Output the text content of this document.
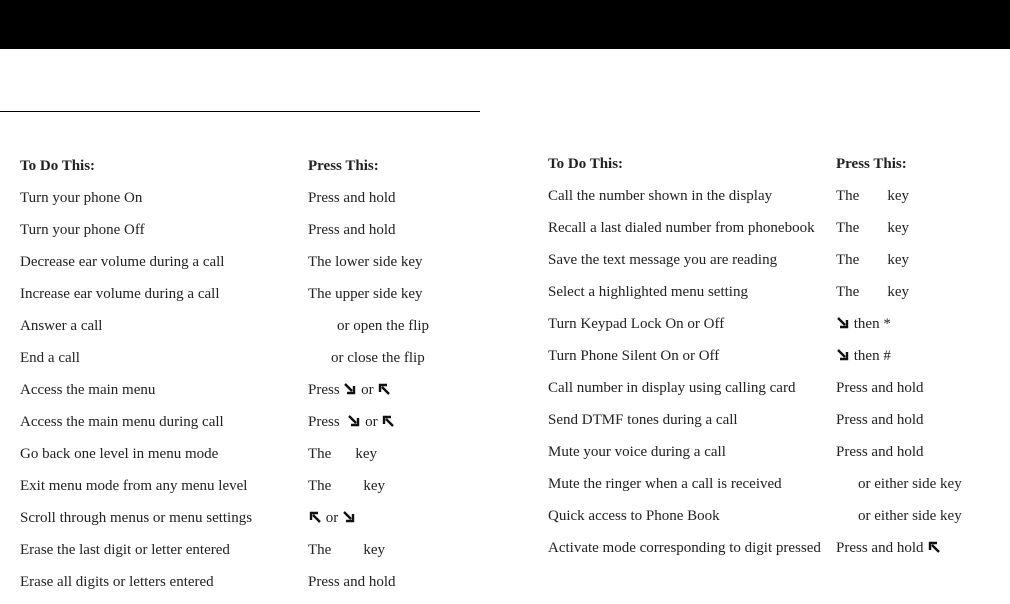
To Do This:	Press This:
Turn your phone On	Press and hold
Turn your phone Off	Press and hold
Decrease ear volume during a call	The lower side key
Increase ear volume during a call	The upper side key
Answer a call	or open the flip
End a call	or close the flip
Access the main menu	Press or
Access the main menu during call	Press or
Go back one level in menu mode	The key
Exit menu mode from any menu level	The key
Scroll through menus or menu settings	or
Erase the last digit or letter entered	The key
Erase all digits or letters entered	Press and hold
To Do This:	Press This:
Call the number shown in the display	The key
Recall a last dialed number from phonebook	The key
Save the text message you are reading	The key
Select a highlighted menu setting	The key
Turn Keypad Lock On or Off	then *
Turn Phone Silent On or Off	then #
Call number in display using calling card	Press and hold
Send DTMF tones during a call	Press and hold
Mute your voice during a call	Press and hold
Mute the ringer when a call is received	or either side key
Quick access to Phone Book	or either side key
Activate mode corresponding to digit pressed	Press and hold
